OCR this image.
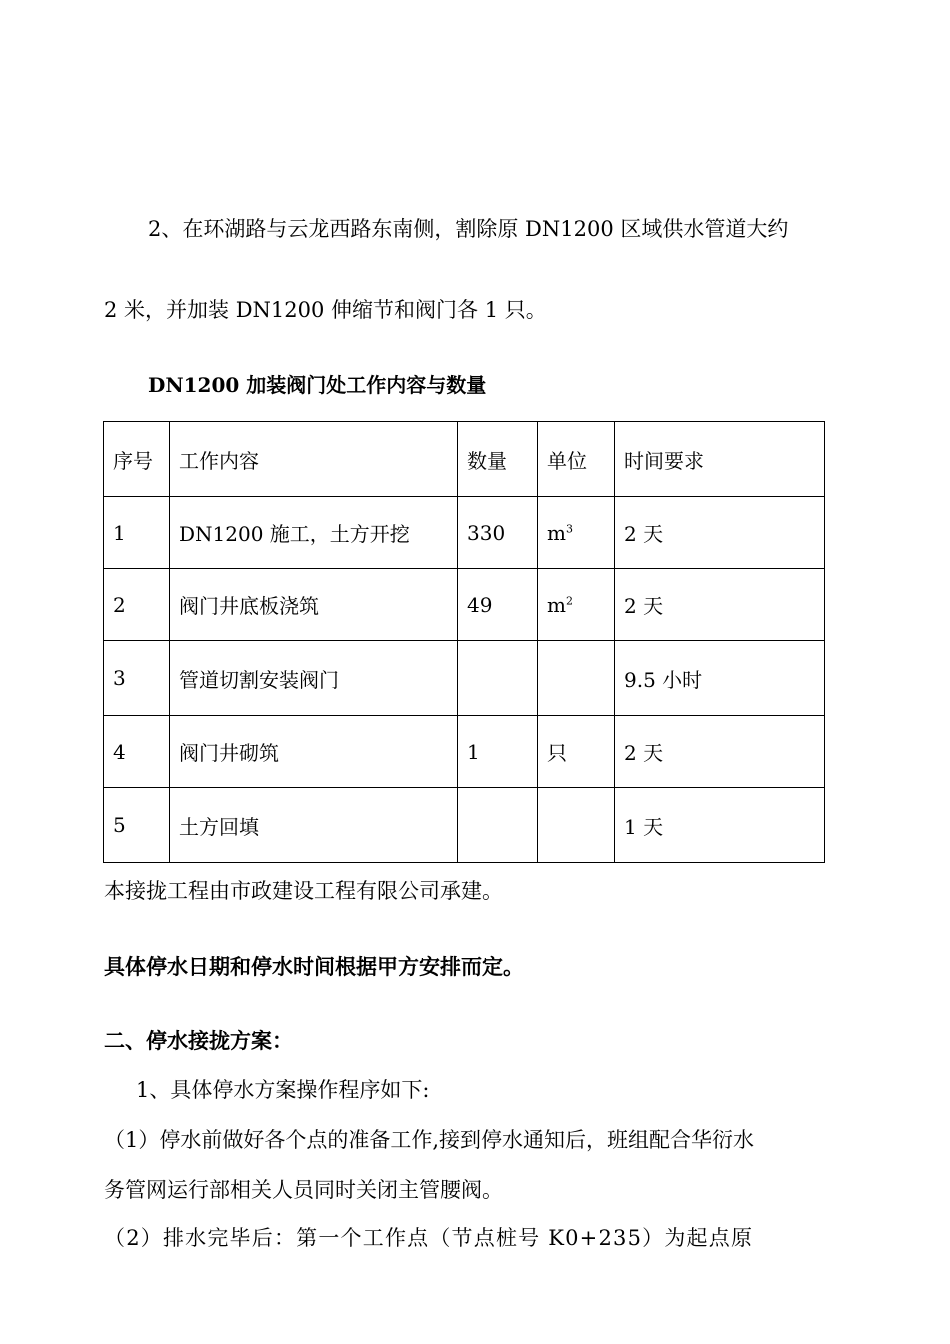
2、在环湖路与云龙西路东南侧，割除原 DN1200 区域供水管道大约
2 米，并加装 DN1200 伸缩节和阀门各 1 只。
DN1200 加装阀门处工作内容与数量
序号	工作内容	数量	单位	时间要求
1	DN1200 施工，土方开挖	330	$m^3$	2 天
2	阀门井底板浇筑	49	$m^2$	2 天
3	管道切割安装阀门			9.5 小时
4	阀门井砌筑	1	只	2 天
5	土方回填			1 天
本接拢工程由市政建设工程有限公司承建。
具体停水日期和停水时间根据甲方安排而定。
二、停水接拢方案：
1、具体停水方案操作程序如下:
（1）停水前做好各个点的准备工作,接到停水通知后，班组配合华衍水
务管网运行部相关人员同时关闭主管腰阀。
（2）排水完毕后：第一个工作点（节点桩号 K0+235）为起点原
